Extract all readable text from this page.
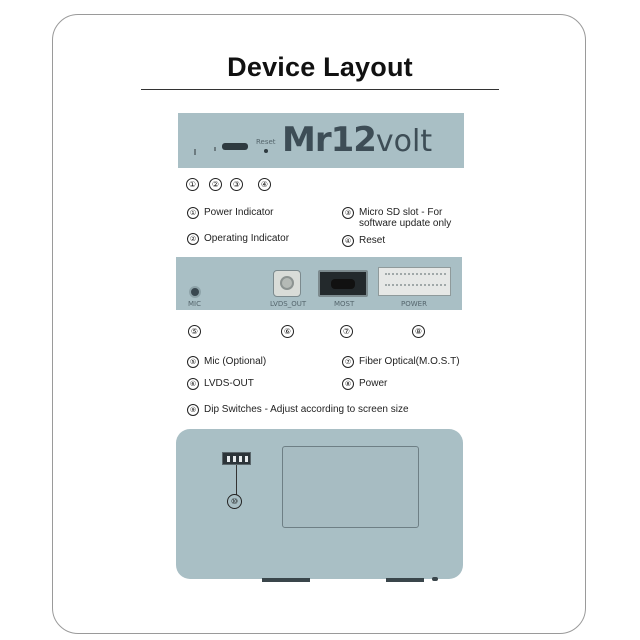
Device Layout
Reset Mr12volt
①	②	③	④
① Power Indicator
② Operating Indicator
③ Micro SD slot - For software update only
④ Reset
MIC	LVDS_OUT	MOST	POWER
⑤	⑥	⑦	⑧
⑤ Mic (Optional)
⑥ LVDS-OUT
⑦ Fiber Optical(M.O.S.T)
⑧ Power
⑨ Dip Switches - Adjust according to screen size
⑩
